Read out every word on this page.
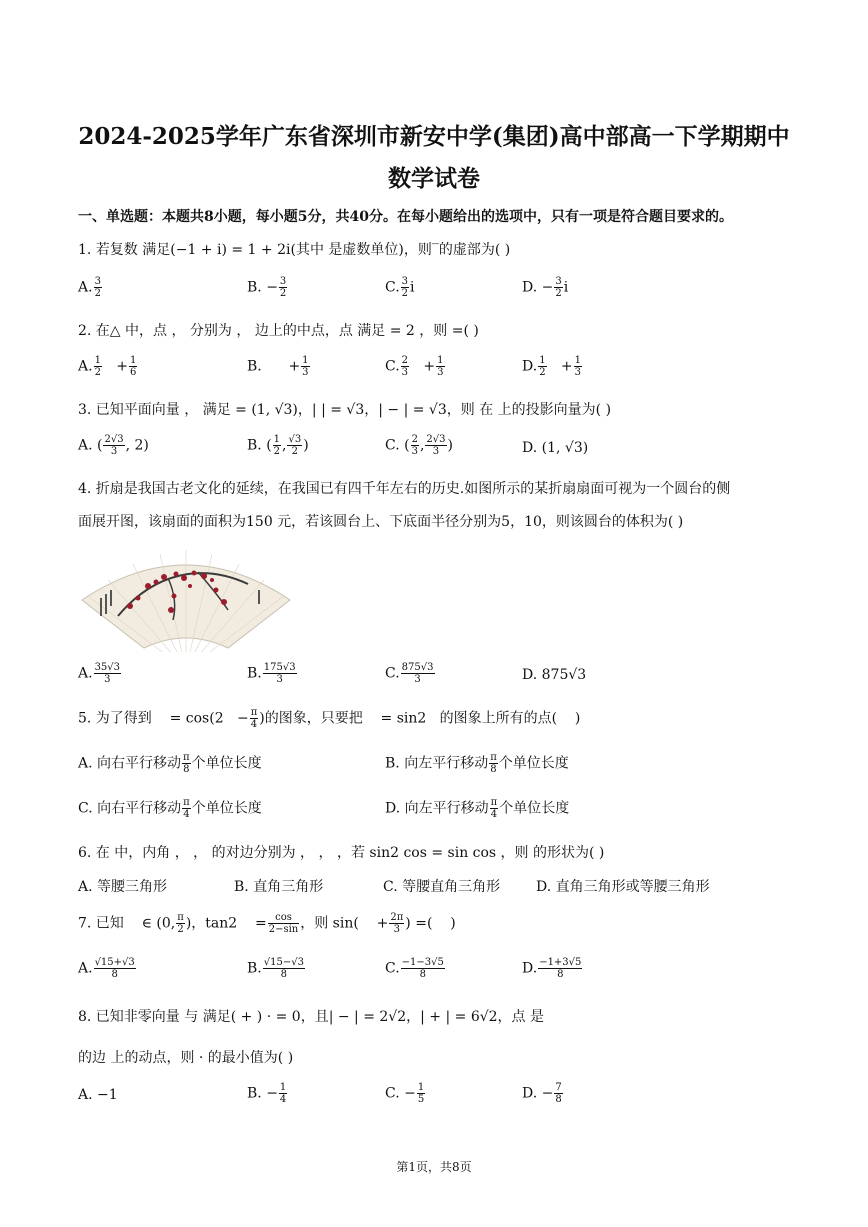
2024-2025学年广东省深圳市新安中学(集团)高中部高一下学期期中
数学试卷
一、单选题：本题共8小题，每小题5分，共40分。在每小题给出的选项中，只有一项是符合题目要求的。
1. 若复数 满足(−1 + i) = 1 + 2i(其中 是虚数单位)，则‾的虚部为( )
A. $\frac{3}{2}$	B. − $\frac{3}{2}$	C. $\frac{3}{2}$ i	D. − $\frac{3}{2}$ i
2. 在△ 中，点 ， 分别为 ， 边上的中点，点 满足 = 2 ，则 =( )
A. $\frac{1}{2} + \frac{1}{6}$	B.      + $\frac{1}{3}$	C. $\frac{2}{3} + \frac{1}{3}$	D. $\frac{1}{2} + \frac{1}{3}$
3. 已知平面向量 ， 满足 = (1, √3)，| | = √3，| − | = √3，则 在 上的投影向量为( )
A. ( $\frac{2√3}{3}$ , 2)	B. ( $\frac{1}{2}$ , $\frac{√3}{2}$ )	C. ( $\frac{2}{3}$ , $\frac{2√3}{3}$ )	D. (1, √3)
4. 折扇是我国古老文化的延续，在我国已有四千年左右的历史.如图所示的某折扇扇面可视为一个圆台的侧
面展开图，该扇面的面积为150 元，若该圆台上、下底面半径分别为5，10，则该圆台的体积为( )
A. $\frac{35√3}{3}$	B. $\frac{175√3}{3}$	C. $\frac{875√3}{3}$	D. 875√3
5. 为了得到    = $\cos(2 - \frac{\pi}{4}$ )的图象，只要把    = sin2   的图象上所有的点(    )
A. 向右平行移动 $\frac{\pi}{8}$ 个单位长度	B. 向左平行移动 $\frac{\pi}{8}$ 个单位长度
C. 向右平行移动 $\frac{\pi}{4}$ 个单位长度	D. 向左平行移动 $\frac{\pi}{4}$ 个单位长度
6. 在 中，内角 ， ， 的对边分别为 ， ， ，若 sin2 cos = sin cos ，则 的形状为( )
A. 等腰三角形	B. 直角三角形	C. 等腰直角三角形	D. 直角三角形或等腰三角形
7. 已知    ∈ (0, $\frac{\pi}{2}$ )，tan2    = $\frac{\cos}{2-\sin}$ ，则 sin(    + $\frac{2\pi}{3}$ ) =(    )
A. $\frac{√15+√3}{8}$	B. $\frac{√15-√3}{8}$	C. $\frac{-1-3√5}{8}$	D. $\frac{-1+3√5}{8}$
8. 已知非零向量 与 满足( + ) · = 0，且| − | = 2√2，| + | = 6√2，点 是
的边 上的动点，则 · 的最小值为( )
A. −1	B. − $\frac{1}{4}$	C. − $\frac{1}{5}$	D. − $\frac{7}{8}$
第1页，共8页
